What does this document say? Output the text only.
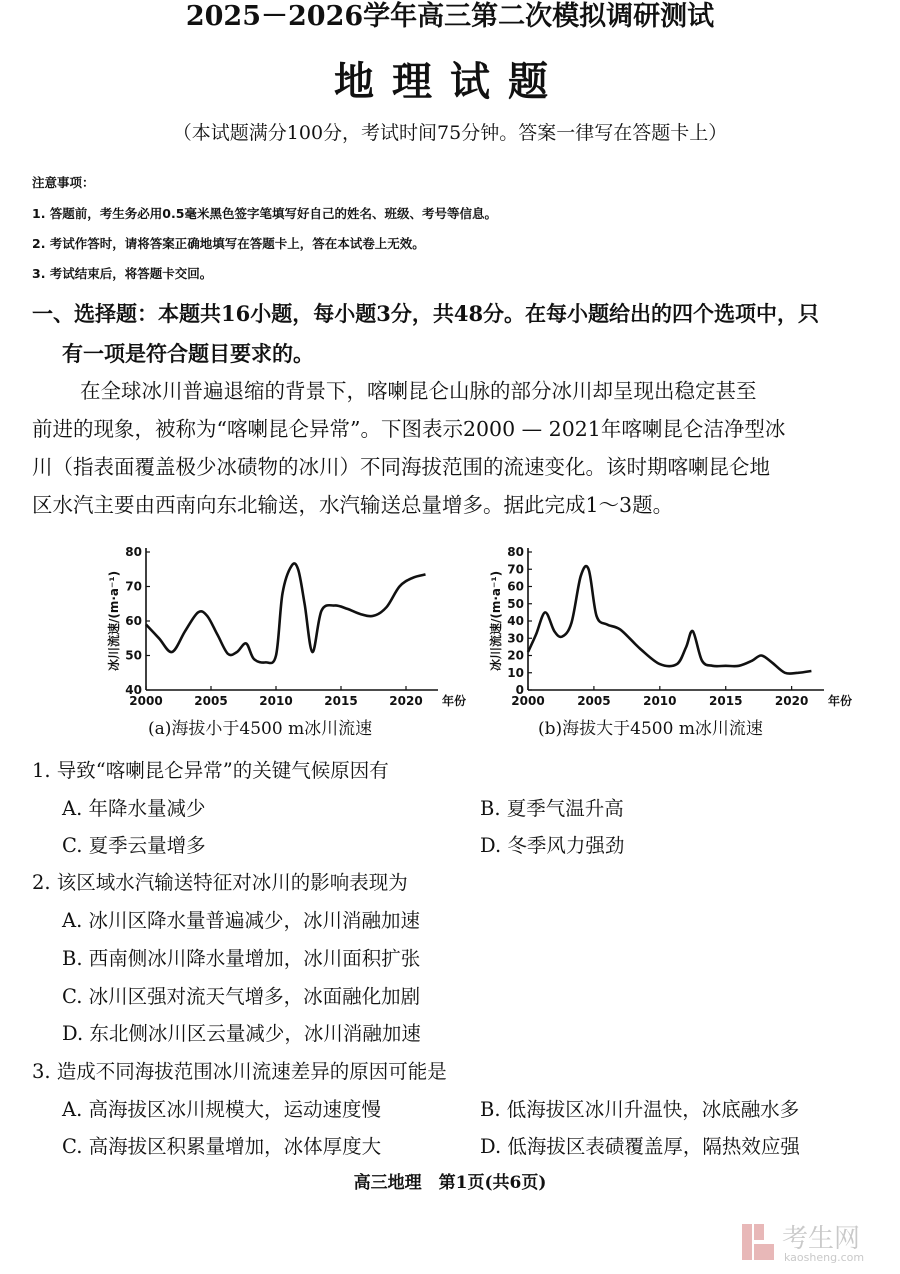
2025－2026学年高三第二次模拟调研测试
地理试题
（本试题满分100分，考试时间75分钟。答案一律写在答题卡上）
注意事项：
1. 答题前，考生务必用0.5毫米黑色签字笔填写好自己的姓名、班级、考号等信息。
2. 考试作答时，请将答案正确地填写在答题卡上，答在本试卷上无效。
3. 考试结束后，将答题卡交回。
一、选择题：本题共16小题，每小题3分，共48分。在每小题给出的四个选项中，只
有一项是符合题目要求的。
在全球冰川普遍退缩的背景下，喀喇昆仑山脉的部分冰川却呈现出稳定甚至
前进的现象，被称为“喀喇昆仑异常”。下图表示2000 — 2021年喀喇昆仑洁净型冰
川（指表面覆盖极少冰碛物的冰川）不同海拔范围的流速变化。该时期喀喇昆仑地
区水汽主要由西南向东北输送，水汽输送总量增多。据此完成1～3题。
40
50
60
70
80
2000	2005	2010	2015	2020 年份
冰川流速/(m·a⁻¹)
(a)海拔小于4500 m冰川流速
0
10
20
30
40
50
60
70
80
2000	2005	2010	2015	2020 年份
冰川流速/(m·a⁻¹)
(b)海拔大于4500 m冰川流速
1. 导致“喀喇昆仑异常”的关键气候原因有
A. 年降水量减少	B. 夏季气温升高
C. 夏季云量增多	D. 冬季风力强劲
2. 该区域水汽输送特征对冰川的影响表现为
A. 冰川区降水量普遍减少，冰川消融加速
B. 西南侧冰川降水量增加，冰川面积扩张
C. 冰川区强对流天气增多，冰面融化加剧
D. 东北侧冰川区云量减少，冰川消融加速
3. 造成不同海拔范围冰川流速差异的原因可能是
A. 高海拔区冰川规模大，运动速度慢	B. 低海拔区冰川升温快，冰底融水多
C. 高海拔区积累量增加，冰体厚度大	D. 低海拔区表碛覆盖厚，隔热效应强
高三地理　第1页(共6页)
考生网
kaosheng.com
